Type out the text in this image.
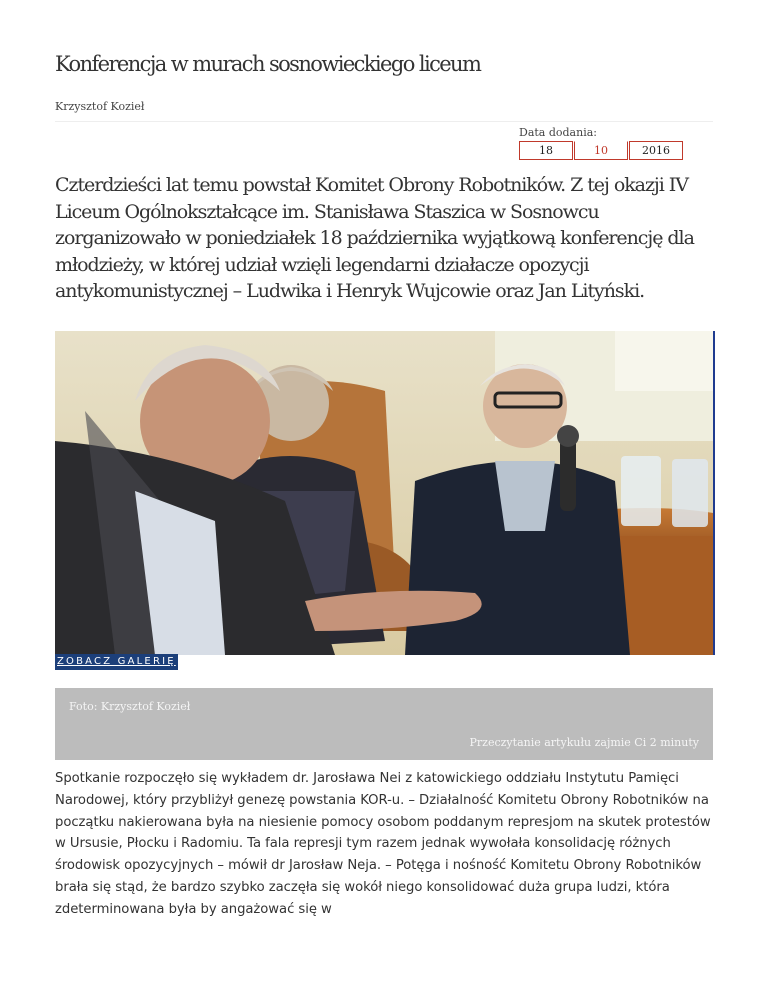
Konferencja w murach sosnowieckiego liceum
Krzysztof Kozieł
Data dodania:
18	10	2016

Czterdzieści lat temu powstał Komitet Obrony Robotników. Z tej okazji IV Liceum Ogólnokształcące im. Stanisława Staszica w Sosnowcu zorganizowało w poniedziałek 18 października wyjątkową konferencję dla młodzieży, w której udział wzięli legendarni działacze opozycji antykomunistycznej – Ludwika i Henryk Wujcowie oraz Jan Lityński.

ZOBACZ GALERIĘ
Foto: Krzysztof Kozieł
Przeczytanie artykułu zajmie Ci 2 minuty

Spotkanie rozpoczęło się wykładem dr. Jarosława Nei z katowickiego oddziału Instytutu Pamięci Narodowej, który przybliżył genezę powstania KOR-u. – Działalność Komitetu Obrony Robotników na początku nakierowana była na niesienie pomocy osobom poddanym represjom na skutek protestów w Ursusie, Płocku i Radomiu. Ta fala represji tym razem jednak wywołała konsolidację różnych środowisk opozycyjnych – mówił dr Jarosław Neja. – Potęga i nośność Komitetu Obrony Robotników brała się stąd, że bardzo szybko zaczęła się wokół niego konsolidować duża grupa ludzi, która zdeterminowana była by angażować się w
